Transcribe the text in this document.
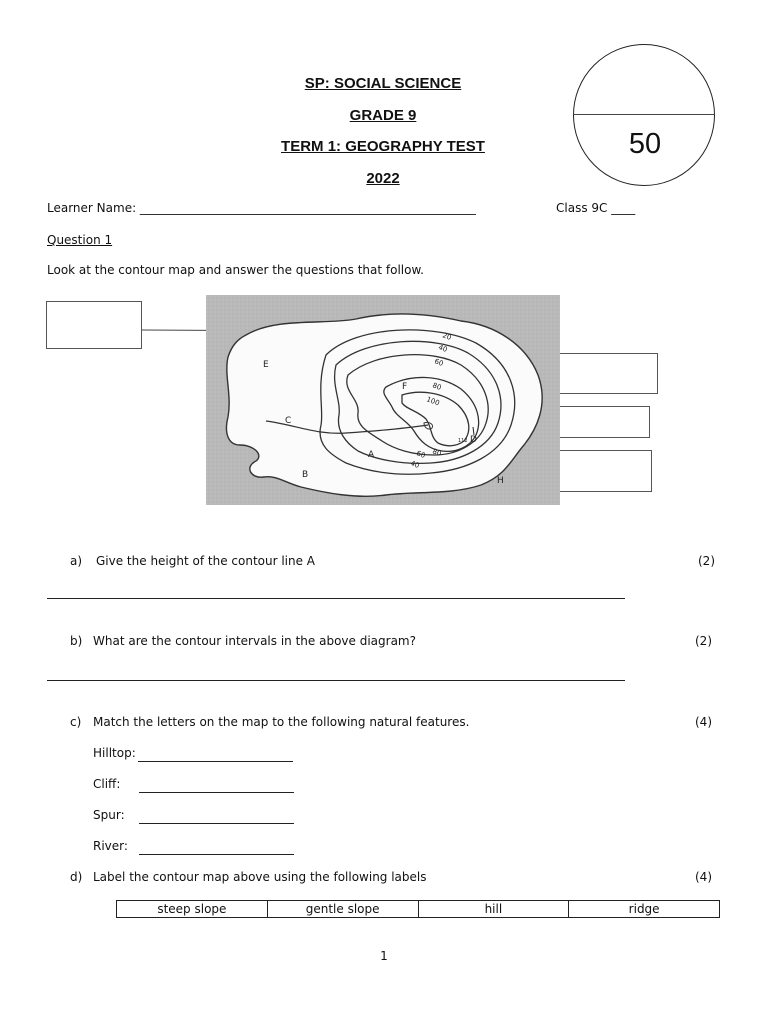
SP: SOCIAL SCIENCE
GRADE 9
TERM 1: GEOGRAPHY TEST
2022
50
Learner Name: ________________________________________________________	Class 9C ____
Question 1
Look at the contour map and answer the questions that follow.
E
F
C
A
D
B
H
20
40
60
80
100
112
60 80
40
a) Give the height of the contour line A	(2)
b) What are the contour intervals in the above diagram?	(2)
c) Match the letters on the map to the following natural features.	(4)
Hilltop:
Cliff:
Spur:
River:
d) Label the contour map above using the following labels	(4)
steep slope	gentle slope	hill	ridge
1
